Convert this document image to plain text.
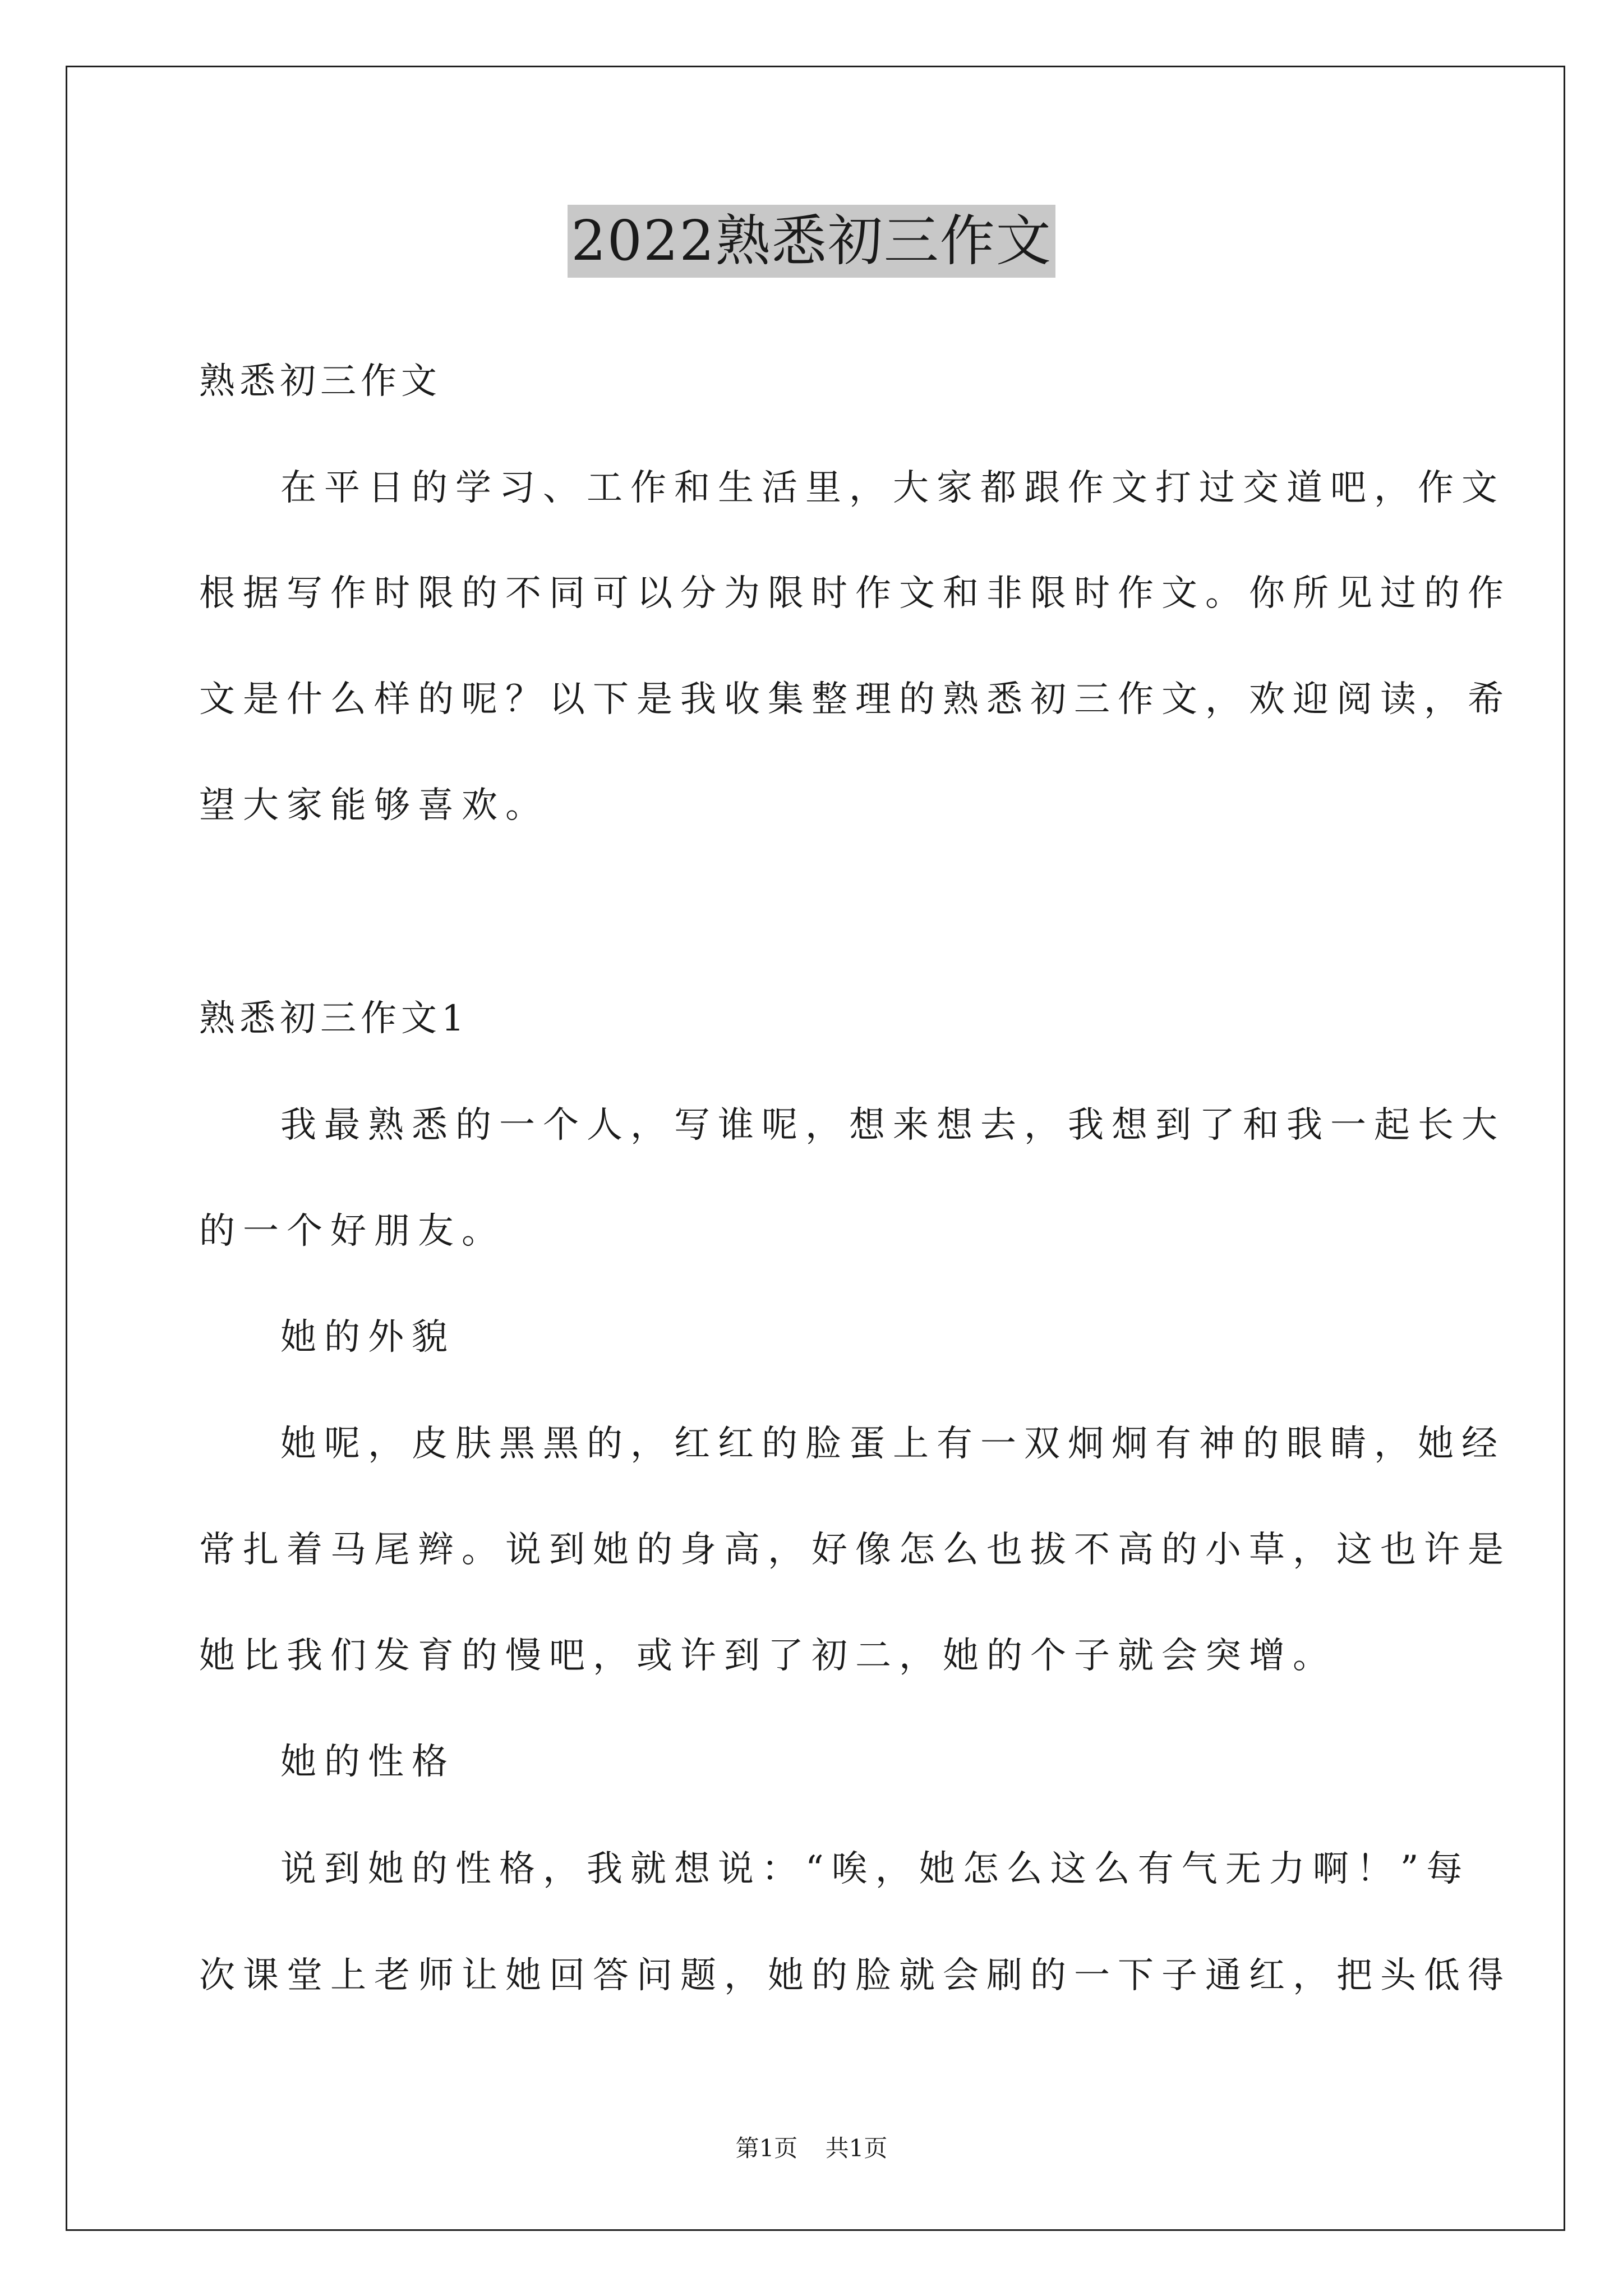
2022熟悉初三作文
熟悉初三作文
在平日的学习、工作和生活里，大家都跟作文打过交道吧，作文
根据写作时限的不同可以分为限时作文和非限时作文。你所见过的作
文是什么样的呢？以下是我收集整理的熟悉初三作文，欢迎阅读，希
望大家能够喜欢。
熟悉初三作文1
我最熟悉的一个人，写谁呢，想来想去，我想到了和我一起长大
的一个好朋友。
她的外貌
她呢，皮肤黑黑的，红红的脸蛋上有一双炯炯有神的眼睛，她经
常扎着马尾辫。说到她的身高，好像怎么也拔不高的小草，这也许是
她比我们发育的慢吧，或许到了初二，她的个子就会突增。
她的性格
说到她的性格，我就想说：“唉，她怎么这么有气无力啊！”每
次课堂上老师让她回答问题，她的脸就会刷的一下子通红，把头低得
第1页 共1页
